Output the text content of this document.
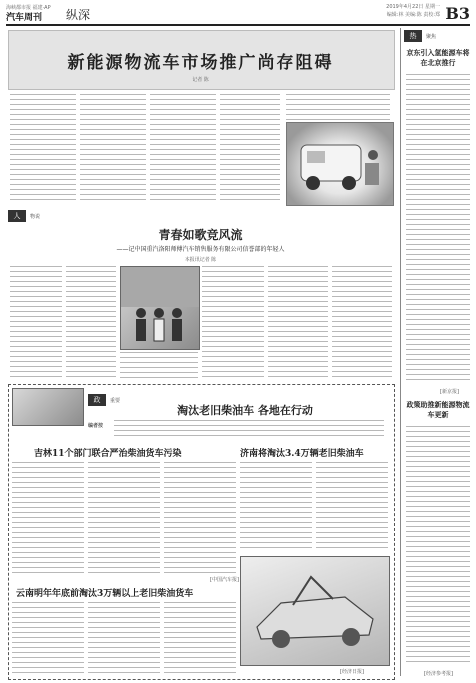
海峡都市报 福建·AP
汽车周刊 纵深
2019年4月22日 星期一
编辑:林 美编:陈 责校:郑 B3
新能源物流车市场推广尚存阻碍
记者 陈
人	物说
青春如歌竞风流
——记中国重汽洛阳师傅汽车销售服务有限公司信誉部的年轻人
本报讯记者 陈
政	重要
淘汰老旧柴油车 各地在行动
编者按
吉林11个部门联合严治柴油货车污染	济南将淘汰3.4万辆老旧柴油车
[中国汽车报]
云南明年年底前淘汰3万辆以上老旧柴油货车
[经济日报]
热	聚焦
京东引入氢能源车将在北京推行
[新京报]
政策助推新能源物流车更新
[经济参考报]
